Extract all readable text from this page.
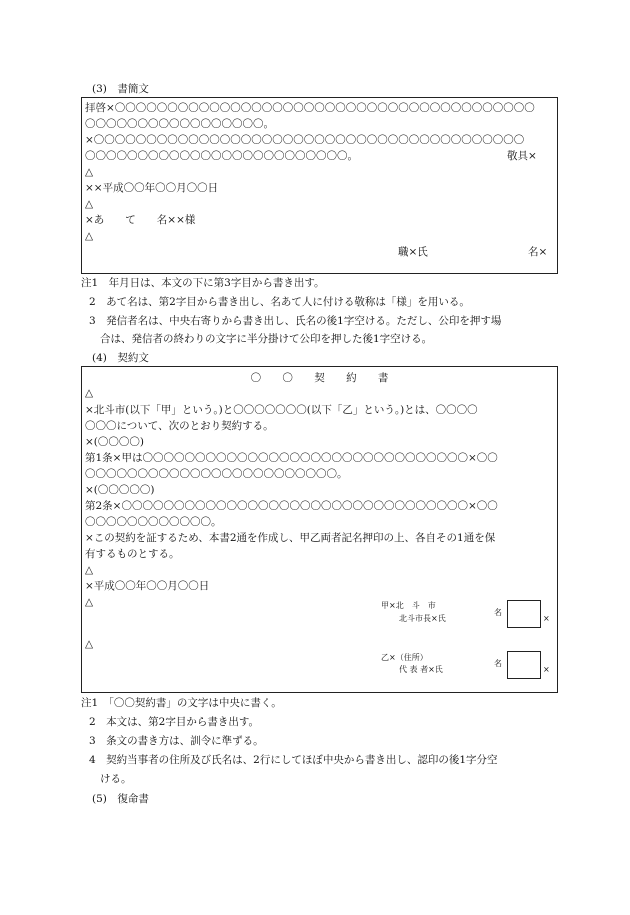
(3)　書簡文
拝啓×〇〇〇〇〇〇〇〇〇〇〇〇〇〇〇〇〇〇〇〇〇〇〇〇〇〇〇〇〇〇〇〇〇〇〇〇〇〇〇〇
〇〇〇〇〇〇〇〇〇〇〇〇〇〇〇〇〇。
×〇〇〇〇〇〇〇〇〇〇〇〇〇〇〇〇〇〇〇〇〇〇〇〇〇〇〇〇〇〇〇〇〇〇〇〇〇〇〇〇〇
〇〇〇〇〇〇〇〇〇〇〇〇〇〇〇〇〇〇〇〇〇〇〇〇〇。	敬具×
△
××平成〇〇年〇〇月〇〇日
△
×あ　　て　　名××様
△
職×氏	名×
注1　年月日は、本文の下に第3字目から書き出す。
2　あて名は、第2字目から書き出し、名あて人に付ける敬称は「様」を用いる。
3　発信者名は、中央右寄りから書き出し、氏名の後1字空ける。ただし、公印を押す場
合は、発信者の終わりの文字に半分掛けて公印を押した後1字空ける。
(4)　契約文
〇 〇 契 約 書
△
×北斗市(以下「甲」という。)と〇〇〇〇〇〇〇(以下「乙」という。)とは、〇〇〇〇
〇〇〇について、次のとおり契約する。
×(〇〇〇〇)
第1条×甲は〇〇〇〇〇〇〇〇〇〇〇〇〇〇〇〇〇〇〇〇〇〇〇〇〇〇〇〇〇〇〇×〇〇
〇〇〇〇〇〇〇〇〇〇〇〇〇〇〇〇〇〇〇〇〇〇〇〇。
×(〇〇〇〇〇)
第2条×〇〇〇〇〇〇〇〇〇〇〇〇〇〇〇〇〇〇〇〇〇〇〇〇〇〇〇〇〇〇〇〇〇×〇〇
〇〇〇〇〇〇〇〇〇〇〇〇。
×この契約を証するため、本書2通を作成し、甲乙両者記名押印の上、各自その1通を保
有するものとする。
△
×平成〇〇年〇〇月〇〇日
△	甲×北　斗　市
北斗市長×氏
名
×
△
乙×（住所）
代 表 者×氏
名
×
注1　「〇〇契約書」の文字は中央に書く。
2　本文は、第2字目から書き出す。
3　条文の書き方は、訓令に準ずる。
4　契約当事者の住所及び氏名は、2行にしてほぼ中央から書き出し、認印の後1字分空
ける。
(5)　復命書
